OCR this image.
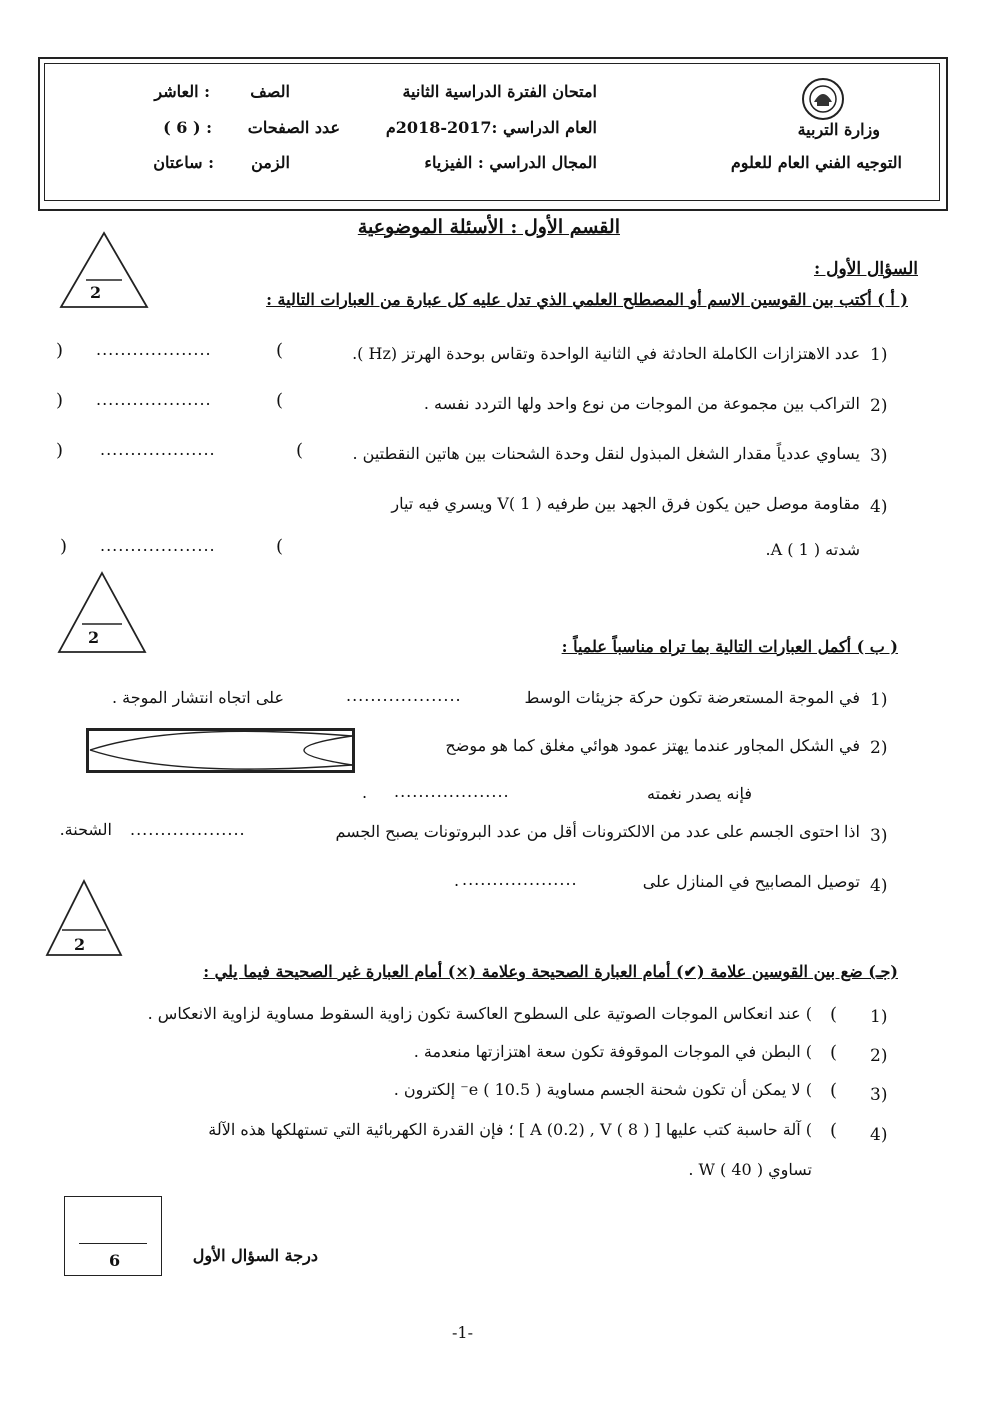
وزارة التربية
التوجيه الفني العام للعلوم
امتحان الفترة الدراسية الثانية
العام الدراسي :2017-2018م
المجال الدراسي : الفيزياء
الصف
: العاشر
عدد الصفحات
: ( 6 )
الزمن
: ساعتان
القسم الأول : الأسئلة الموضوعية
2
السؤال الأول :
( أ ) أكتب بين القوسين الاسم أو المصطلح العلمي الذي تدل عليه كل عبارة من العبارات التالية :
1)
عدد الاهتزازات الكاملة الحادثة في الثانية الواحدة وتقاس بوحدة الهرتز (Hz ).
(
...................
)
2)
التراكب بين مجموعة من الموجات من نوع واحد ولها التردد نفسه .
(
...................
)
3)
يساوي عددياً مقدار الشغل المبذول لنقل وحدة الشحنات بين هاتين النقطتين .
(
...................
)
4)
مقاومة موصل حين يكون فرق الجهد بين طرفيه V( 1 ) ويسري فيه تيار
شدته A ( 1 ).
(
...................
)
2	( ب ) أكمل العبارات التالية بما تراه مناسباً علمياً :
1)
في الموجة المستعرضة تكون حركة جزيئات الوسط
...................
على اتجاه انتشار الموجة .
2)
في الشكل المجاور عندما يهتز عمود هوائي مغلق كما هو موضح
فإنه يصدر نغمته
...................
.
3)
اذا احتوى الجسم على عدد من الالكترونات أقل من عدد البروتونات يصبح الجسم
...................
الشحنة.
4)
توصيل المصابيح في المنازل على
...................
.
2
(جـ) ضع بين القوسين علامة (✔) أمام العبارة الصحيحة وعلامة (×) أمام العبارة غير الصحيحة فيما يلي :
1)
(
) عند انعكاس الموجات الصوتية على السطوح العاكسة تكون زاوية السقوط مساوية لزاوية الانعكاس .
2)
(
) البطن في الموجات الموقوفة تكون سعة اهتزازتها منعدمة .
3)
(
) لا يمكن أن تكون شحنة الجسم مساوية ( 10.5 ) e⁻ إلكترون .
4)
(
) آلة حاسبة كتب عليها [ A (0.2) , V ( 8 ) ] ؛ فإن القدرة الكهربائية التي تستهلكها هذه الآلة
تساوي W ( 40 ) .
6	درجة السؤال الأول
-1-
